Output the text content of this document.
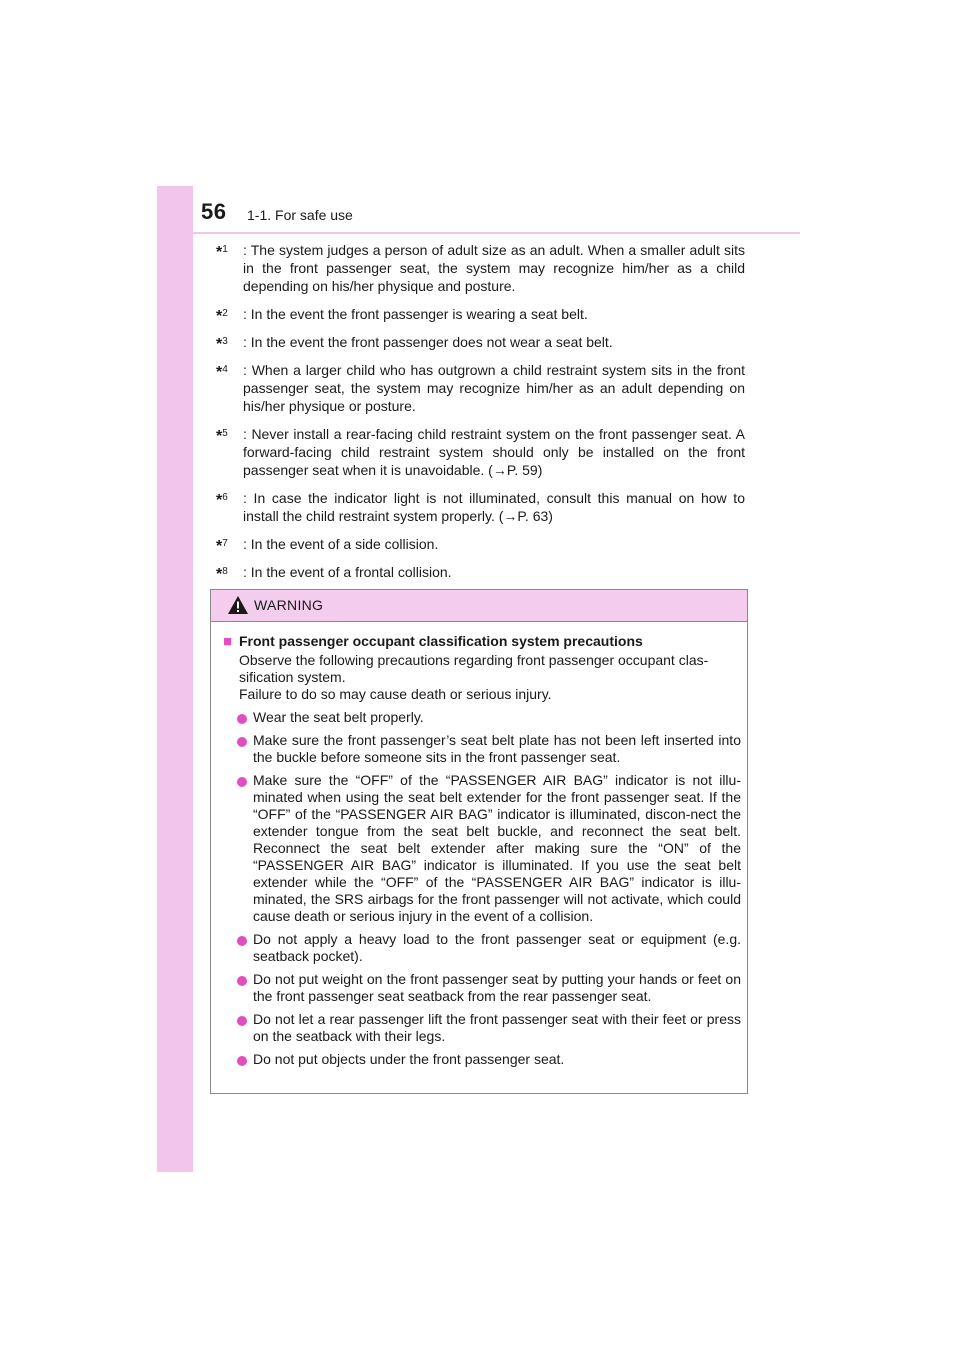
56 1-1. For safe use
*$^1$ : The system judges a person of adult size as an adult. When a smaller adult sits in the front passenger seat, the system may recognize him/her as a child depending on his/her physique and posture.
*$^2$ : In the event the front passenger is wearing a seat belt.
*$^3$ : In the event the front passenger does not wear a seat belt.
*$^4$ : When a larger child who has outgrown a child restraint system sits in the front passenger seat, the system may recognize him/her as an adult depending on his/her physique or posture.
*$^5$ : Never install a rear-facing child restraint system on the front passenger seat. A forward-facing child restraint system should only be installed on the front passenger seat when it is unavoidable. (→P. 59)
*$^6$ : In case the indicator light is not illuminated, consult this manual on how to install the child restraint system properly. (→P. 63)
*$^7$ : In the event of a side collision.
*$^8$ : In the event of a frontal collision.
WARNING
■ Front passenger occupant classification system precautions
Observe the following precautions regarding front passenger occupant clas-sification system.
Failure to do so may cause death or serious injury.
Wear the seat belt properly.
Make sure the front passenger’s seat belt plate has not been left inserted into the buckle before someone sits in the front passenger seat.
Make sure the “OFF” of the “PASSENGER AIR BAG” indicator is not illu-minated when using the seat belt extender for the front passenger seat. If the “OFF” of the “PASSENGER AIR BAG” indicator is illuminated, discon-nect the extender tongue from the seat belt buckle, and reconnect the seat belt. Reconnect the seat belt extender after making sure the “ON” of the “PASSENGER AIR BAG” indicator is illuminated. If you use the seat belt extender while the “OFF” of the “PASSENGER AIR BAG” indicator is illu-minated, the SRS airbags for the front passenger will not activate, which could cause death or serious injury in the event of a collision.
Do not apply a heavy load to the front passenger seat or equipment (e.g. seatback pocket).
Do not put weight on the front passenger seat by putting your hands or feet on the front passenger seat seatback from the rear passenger seat.
Do not let a rear passenger lift the front passenger seat with their feet or press on the seatback with their legs.
Do not put objects under the front passenger seat.
